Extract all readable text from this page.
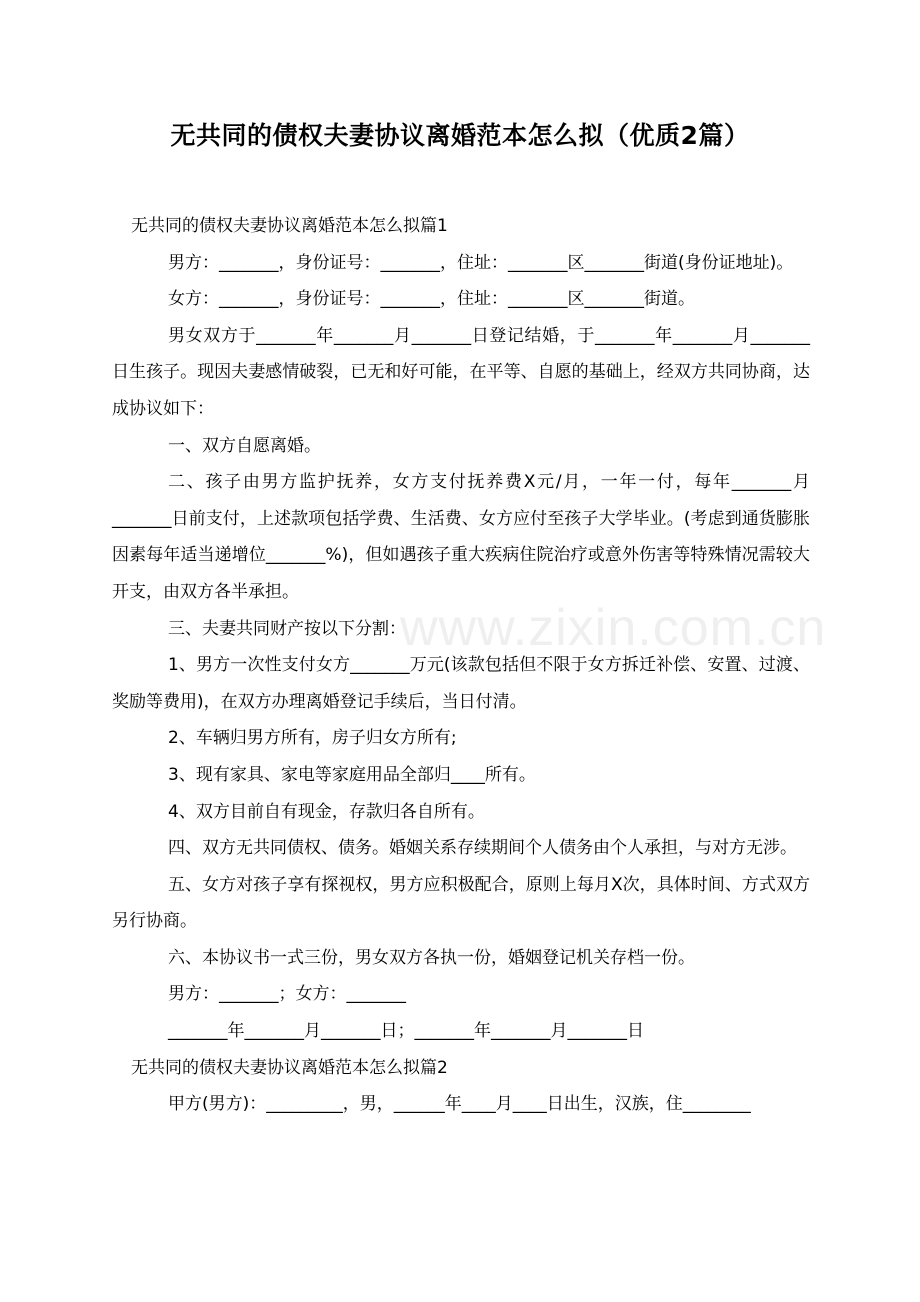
无共同的债权夫妻协议离婚范本怎么拟（优质2篇）

无共同的债权夫妻协议离婚范本怎么拟篇1

男方：_______，身份证号：_______，住址：_______区_______街道(身份证地址)。

女方：_______，身份证号：_______，住址：_______区_______街道。

男女双方于_______年_______月_______日登记结婚，于_______年_______月_______日生孩子。现因夫妻感情破裂，已无和好可能，在平等、自愿的基础上，经双方共同协商，达成协议如下：

一、双方自愿离婚。

二、孩子由男方监护抚养，女方支付抚养费X元/月，一年一付，每年_______月_______日前支付，上述款项包括学费、生活费、女方应付至孩子大学毕业。(考虑到通货膨胀因素每年适当递增位_______%)，但如遇孩子重大疾病住院治疗或意外伤害等特殊情况需较大开支，由双方各半承担。

三、夫妻共同财产按以下分割：

1、男方一次性支付女方_______万元(该款包括但不限于女方拆迁补偿、安置、过渡、奖励等费用)，在双方办理离婚登记手续后，当日付清。

2、车辆归男方所有，房子归女方所有;

3、现有家具、家电等家庭用品全部归____所有。

4、双方目前自有现金，存款归各自所有。

四、双方无共同债权、债务。婚姻关系存续期间个人债务由个人承担，与对方无涉。

五、女方对孩子享有探视权，男方应积极配合，原则上每月X次，具体时间、方式双方另行协商。

六、本协议书一式三份，男女双方各执一份，婚姻登记机关存档一份。

男方：_______；女方：_______

_______年_______月_______日；_______年_______月_______日

无共同的债权夫妻协议离婚范本怎么拟篇2

甲方(男方)：_________，男，______年____月____日出生，汉族，住________

www.zixin.com.cn
